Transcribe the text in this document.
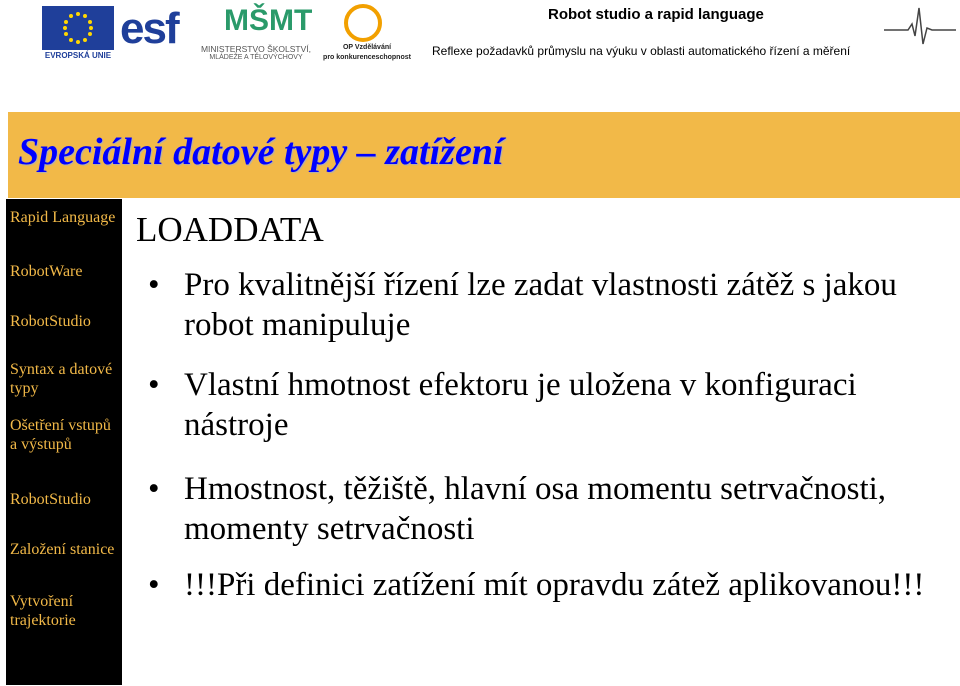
EVROPSKÁ UNIE
esf MŠMT
MINISTERSTVO ŠKOLSTVÍ,
MLÁDEŽE A TĚLOVÝCHOVY
OP Vzdělávání
pro konkurenceschopnost
Robot studio a rapid language
Reflexe požadavků průmyslu na výuku v oblasti automatického řízení a měření
Speciální datové typy – zatížení
Rapid Language
RobotWare
RobotStudio
Syntax a datové typy
Ošetření vstupů a výstupů
RobotStudio
Založení stanice
Vytvoření trajektorie
LOADDATA
• Pro kvalitnější řízení lze zadat vlastnosti zátěž s jakou robot manipuluje
• Vlastní hmotnost efektoru je uložena v konfiguraci nástroje
• Hmostnost, těžiště, hlavní osa momentu setrvačnosti, momenty setrvačnosti
• !!!Při definici zatížení mít opravdu zátež aplikovanou!!!
